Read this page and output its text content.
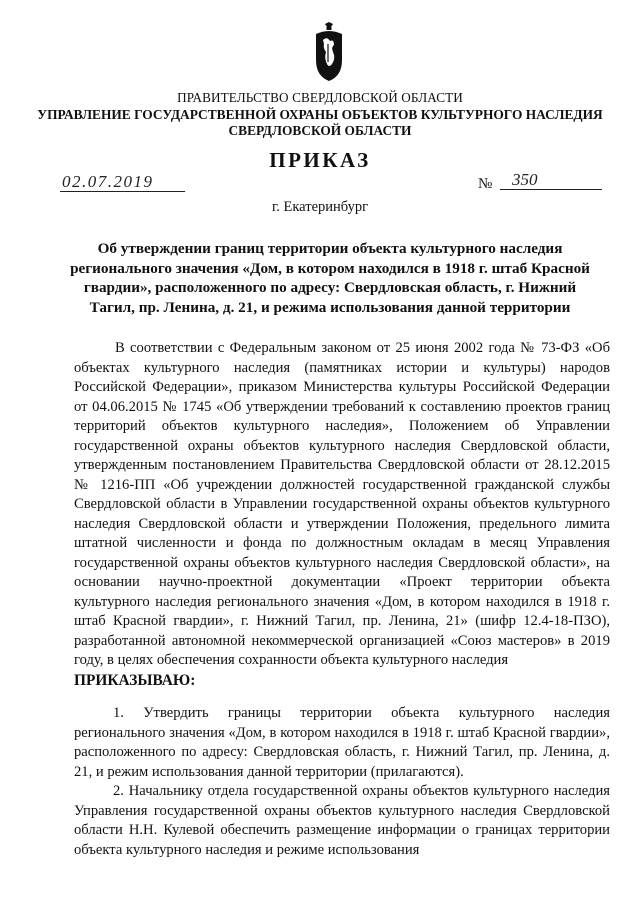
ПРАВИТЕЛЬСТВО СВЕРДЛОВСКОЙ ОБЛАСТИ
УПРАВЛЕНИЕ ГОСУДАРСТВЕННОЙ ОХРАНЫ ОБЪЕКТОВ КУЛЬТУРНОГО НАСЛЕДИЯ
СВЕРДЛОВСКОЙ ОБЛАСТИ
ПРИКАЗ
02.07.2019	№ 350
г. Екатеринбург
Об утверждении границ территории объекта культурного наследия регионального значения «Дом, в котором находился в 1918 г. штаб Красной гвардии», расположенного по адресу: Свердловская область, г. Нижний Тагил, пр. Ленина, д. 21, и режима использования данной территории
В соответствии с Федеральным законом от 25 июня 2002 года № 73-ФЗ «Об объектах культурного наследия (памятниках истории и культуры) народов Российской Федерации», приказом Министерства культуры Российской Федерации от 04.06.2015 № 1745 «Об утверждении требований к составлению проектов границ территорий объектов культурного наследия», Положением об Управлении государственной охраны объектов культурного наследия Свердловской области, утвержденным постановлением Правительства Свердловской области от 28.12.2015 № 1216-ПП «Об учреждении должностей государственной гражданской службы Свердловской области в Управлении государственной охраны объектов культурного наследия Свердловской области и утверждении Положения, предельного лимита штатной численности и фонда по должностным окладам в месяц Управления государственной охраны объектов культурного наследия Свердловской области», на основании научно-проектной документации «Проект территории объекта культурного наследия регионального значения «Дом, в котором находился в 1918 г. штаб Красной гвардии», г. Нижний Тагил, пр. Ленина, 21» (шифр 12.4-18-ПЗО), разработанной автономной некоммерческой организацией «Союз мастеров» в 2019 году, в целях обеспечения сохранности объекта культурного наследия
ПРИКАЗЫВАЮ:
1. Утвердить границы территории объекта культурного наследия регионального значения «Дом, в котором находился в 1918 г. штаб Красной гвардии», расположенного по адресу: Свердловская область, г. Нижний Тагил, пр. Ленина, д. 21, и режим использования данной территории (прилагаются).
2. Начальнику отдела государственной охраны объектов культурного наследия Управления государственной охраны объектов культурного наследия Свердловской области Н.Н. Кулевой обеспечить размещение информации о границах территории объекта культурного наследия и режиме использования
